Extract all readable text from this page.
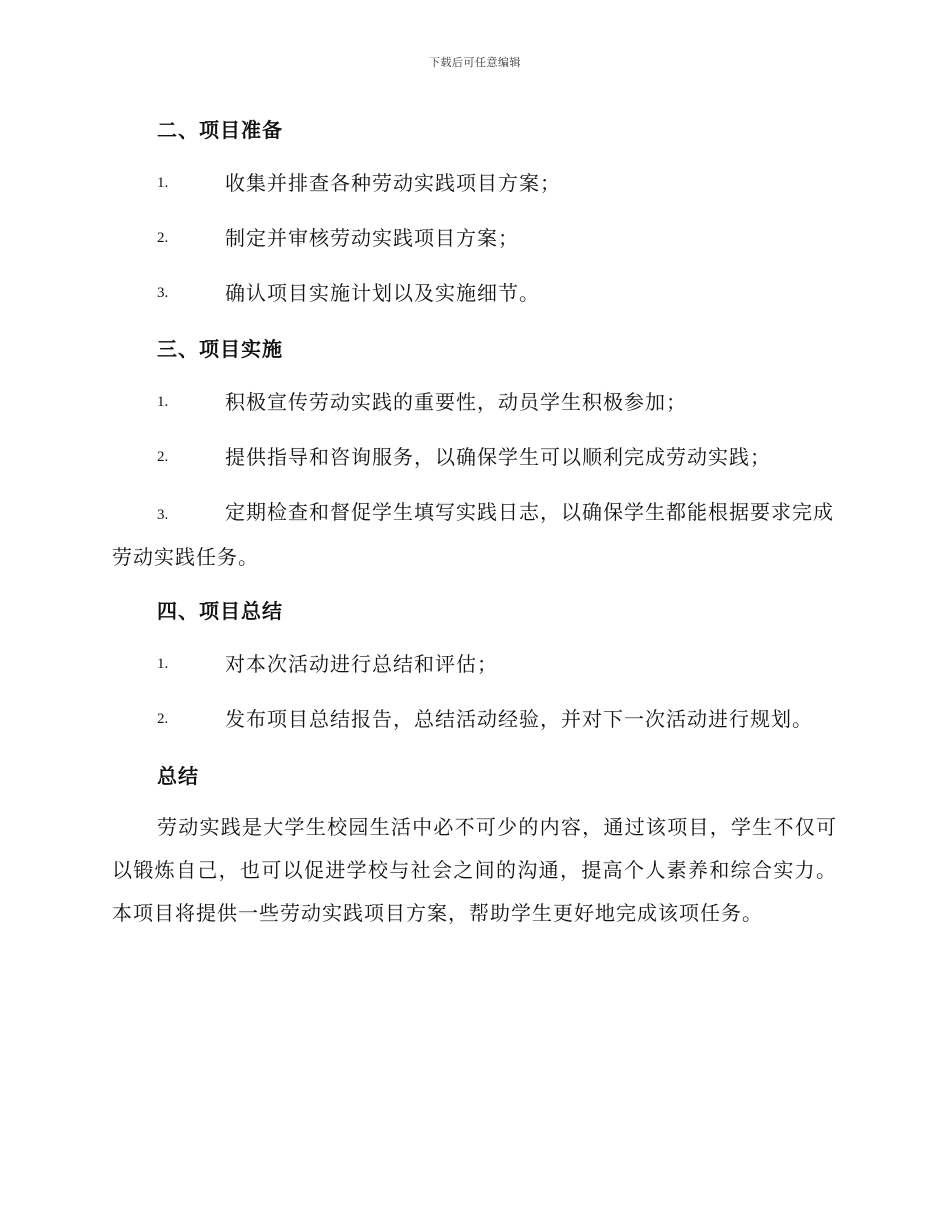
下载后可任意编辑
二、项目准备
1.	收集并排查各种劳动实践项目方案；
2.	制定并审核劳动实践项目方案；
3.	确认项目实施计划以及实施细节。
三、项目实施
1.	积极宣传劳动实践的重要性，动员学生积极参加；
2.	提供指导和咨询服务，以确保学生可以顺利完成劳动实践；
3.	定期检查和督促学生填写实践日志，以确保学生都能根据要求完成劳动实践任务。
四、项目总结
1.	对本次活动进行总结和评估；
2.	发布项目总结报告，总结活动经验，并对下一次活动进行规划。
总结
劳动实践是大学生校园生活中必不可少的内容，通过该项目，学生不仅可以锻炼自己，也可以促进学校与社会之间的沟通，提高个人素养和综合实力。本项目将提供一些劳动实践项目方案，帮助学生更好地完成该项任务。
